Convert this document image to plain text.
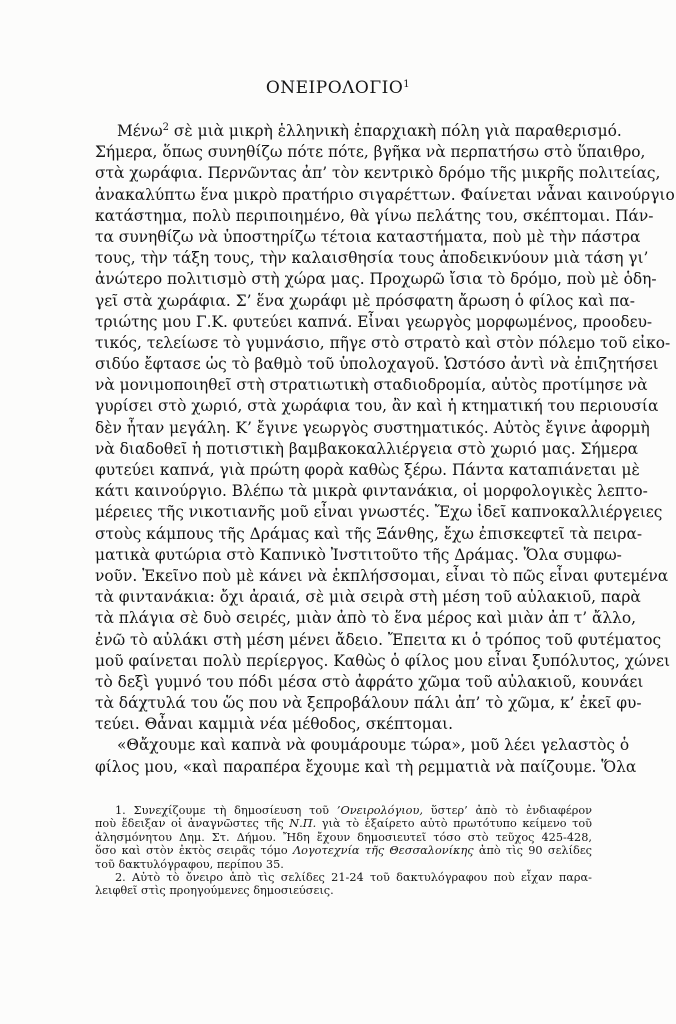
ΟΝΕΙΡΟΛΟΓΙΟ$^1$
Μένω$^2$ σὲ μιὰ μικρὴ ἑλληνικὴ ἐπαρχιακὴ πόλη γιὰ παραθερισμό.
Σήμερα, ὅπως συνηθίζω πότε πότε, βγῆκα νὰ περπατήσω στὸ ὕπαιθρο,
στὰ χωράφια. Περνῶντας ἀπ’ τὸν κεντρικὸ δρόμο τῆς μικρῆς πολιτείας,
ἀνακαλύπτω ἕνα μικρὸ πρατήριο σιγαρέττων. Φαίνεται νἆναι καινούργιο
κατάστημα, πολὺ περιποιημένο, θὰ γίνω πελάτης του, σκέπτομαι. Πάν-
τα συνηθίζω νὰ ὑποστηρίζω τέτοια καταστήματα, ποὺ μὲ τὴν πάστρα
τους, τὴν τάξη τους, τὴν καλαισθησία τους ἀποδεικνύουν μιὰ τάση γι’
ἀνώτερο πολιτισμὸ στὴ χώρα μας. Προχωρῶ ἴσια τὸ δρόμο, ποὺ μὲ ὁδη-
γεῖ στὰ χωράφια. Σ’ ἕνα χωράφι μὲ πρόσφατη ἄρωση ὁ φίλος καὶ πα-
τριώτης μου Γ.Κ. φυτεύει καπνά. Εἶναι γεωργὸς μορφωμένος, προοδευ-
τικός, τελείωσε τὸ γυμνάσιο, πῆγε στὸ στρατὸ καὶ στὸν πόλεμο τοῦ εἰκο-
σιδύο ἔφτασε ὡς τὸ βαθμὸ τοῦ ὑπολοχαγοῦ. Ὡστόσο ἀντὶ νὰ ἐπιζητήσει
νὰ μονιμοποιηθεῖ στὴ στρατιωτικὴ σταδιοδρομία, αὐτὸς προτίμησε νὰ
γυρίσει στὸ χωριό, στὰ χωράφια του, ἂν καὶ ἡ κτηματική του περιουσία
δὲν ἦταν μεγάλη. Κ’ ἔγινε γεωργὸς συστηματικός. Αὐτὸς ἔγινε ἀφορμὴ
νὰ διαδοθεῖ ἡ ποτιστικὴ βαμβακοκαλλιέργεια στὸ χωριό μας. Σήμερα
φυτεύει καπνά, γιὰ πρώτη φορὰ καθὼς ξέρω. Πάντα καταπιάνεται μὲ
κάτι καινούργιο. Βλέπω τὰ μικρὰ φιντανάκια, οἱ μορφολογικὲς λεπτο-
μέρειες τῆς νικοτιανῆς μοῦ εἶναι γνωστές. Ἔχω ἰδεῖ καπνοκαλλιέργειες
στοὺς κάμπους τῆς Δράμας καὶ τῆς Ξάνθης, ἔχω ἐπισκεφτεῖ τὰ πειρα-
ματικὰ φυτώρια στὸ Καπνικὸ Ἰνστιτοῦτο τῆς Δράμας. Ὅλα συμφω-
νοῦν. Ἐκεῖνο ποὺ μὲ κάνει νὰ ἐκπλήσσομαι, εἶναι τὸ πῶς εἶναι φυτεμένα
τὰ φιντανάκια: ὄχι ἀραιά, σὲ μιὰ σειρὰ στὴ μέση τοῦ αὐλακιοῦ, παρὰ
τὰ πλάγια σὲ δυὸ σειρές, μιὰν ἀπὸ τὸ ἕνα μέρος καὶ μιὰν ἀπ τ’ ἄλλο,
ἐνῶ τὸ αὐλάκι στὴ μέση μένει ἄδειο. Ἔπειτα κι ὁ τρόπος τοῦ φυτέματος
μοῦ φαίνεται πολὺ περίεργος. Καθὼς ὁ φίλος μου εἶναι ξυπόλυτος, χώνει
τὸ δεξὶ γυμνό του πόδι μέσα στὸ ἀφράτο χῶμα τοῦ αὐλακιοῦ, κουνάει
τὰ δάχτυλά του ὥς που νὰ ξεπροβάλουν πάλι ἀπ’ τὸ χῶμα, κ’ ἐκεῖ φυ-
τεύει. Θἆναι καμμιὰ νέα μέθοδος, σκέπτομαι.
«Θἄχουμε καὶ καπνὰ νὰ φουμάρουμε τώρα», μοῦ λέει γελαστὸς ὁ
φίλος μου, «καὶ παραπέρα ἔχουμε καὶ τὴ ρεμματιὰ νὰ παίζουμε. Ὅλα
1. Συνεχίζουμε τὴ δημοσίευση τοῦ ’Ονειρολόγιου, ὕστερ’ ἀπὸ τὸ ἐνδιαφέρον
ποὺ ἔδειξαν οἱ ἀναγνῶστες τῆς Ν.Π. γιὰ τὸ ἐξαίρετο αὐτὸ πρωτότυπο κείμενο τοῦ
ἀλησμόνητου Δημ. Στ. Δήμου. Ἤδη ἔχουν δημοσιευτεῖ τόσο στὸ τεῦχος 425-428,
ὅσο καὶ στὸν ἐκτὸς σειρᾶς τόμο Λογοτεχνία τῆς Θεσσαλονίκης ἀπὸ τὶς 90 σελίδες
τοῦ δακτυλόγραφου, περίπου 35.
2. Αὐτὸ τὸ ὄνειρο ἀπὸ τὶς σελίδες 21-24 τοῦ δακτυλόγραφου ποὺ εἶχαν παρα-
λειφθεῖ στὶς προηγούμενες δημοσιεύσεις.
